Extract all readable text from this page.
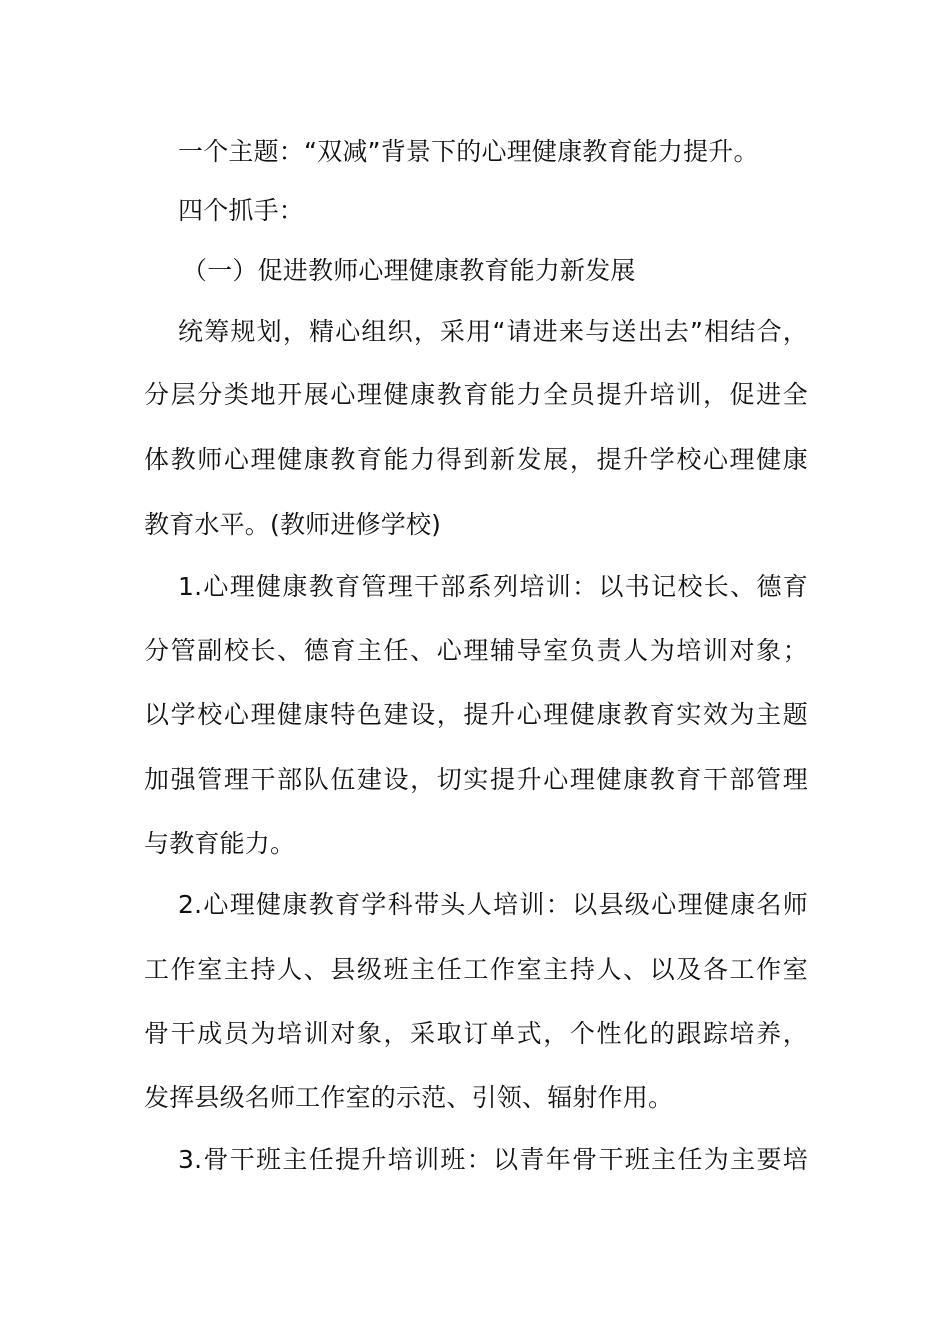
一个主题：“双减”背景下的心理健康教育能力提升。
四个抓手：
（一）促进教师心理健康教育能力新发展
统筹规划，精心组织，采用“请进来与送出去”相结合，
分层分类地开展心理健康教育能力全员提升培训，促进全
体教师心理健康教育能力得到新发展，提升学校心理健康
教育水平。(教师进修学校)
1.心理健康教育管理干部系列培训：以书记校长、德育
分管副校长、德育主任、心理辅导室负责人为培训对象；
以学校心理健康特色建设，提升心理健康教育实效为主题
加强管理干部队伍建设，切实提升心理健康教育干部管理
与教育能力。
2.心理健康教育学科带头人培训：以县级心理健康名师
工作室主持人、县级班主任工作室主持人、以及各工作室
骨干成员为培训对象，采取订单式，个性化的跟踪培养，
发挥县级名师工作室的示范、引领、辐射作用。
3.骨干班主任提升培训班：以青年骨干班主任为主要培
